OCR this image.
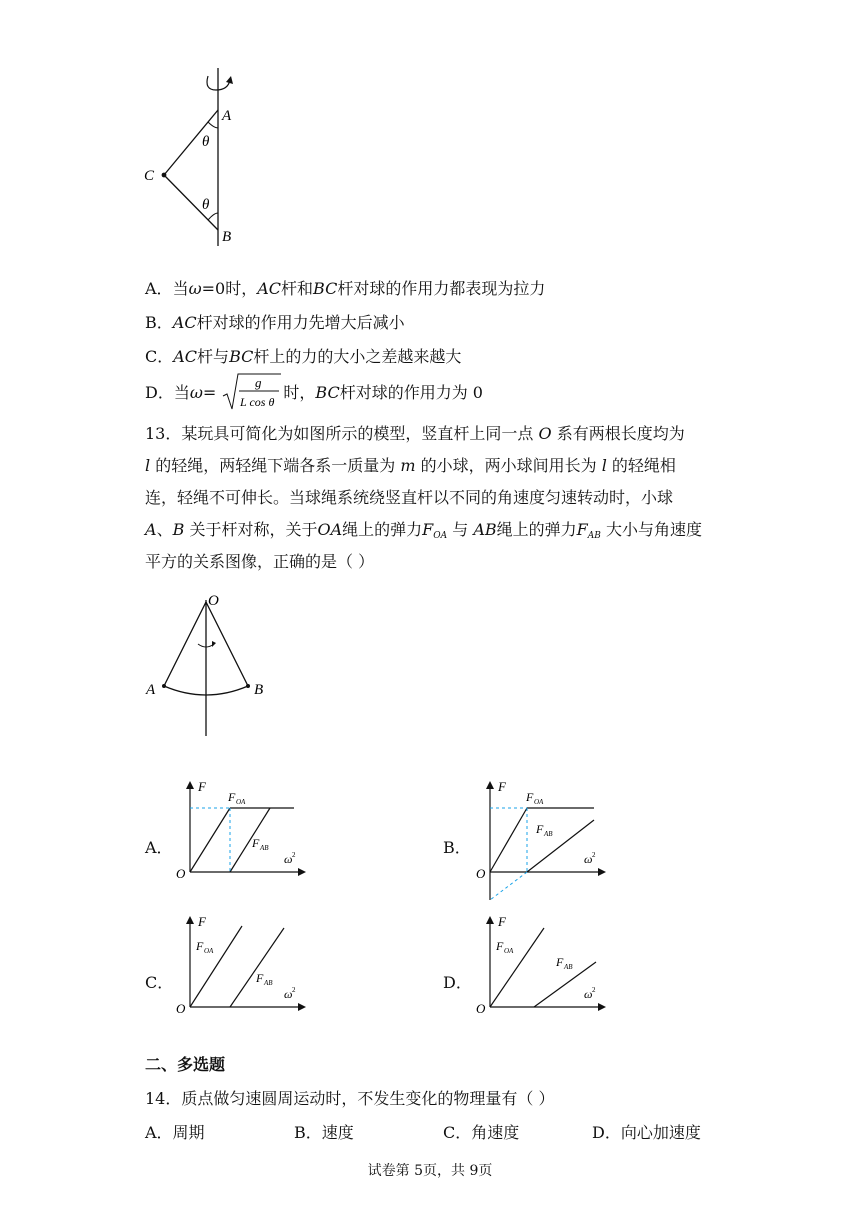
A
C
B
θ
θ
A．当ω=0时，AC杆和BC杆对球的作用力都表现为拉力
B．AC杆对球的作用力先增大后减小
C．AC杆与BC杆上的力的大小之差越来越大
D．当ω=
g
L cos θ 时，BC杆对球的作用力为 0
13．某玩具可简化为如图所示的模型，竖直杆上同一点 O 系有两根长度均为
l 的轻绳，两轻绳下端各系一质量为 m 的小球，两小球间用长为 l 的轻绳相
连，轻绳不可伸长。当球绳系统绕竖直杆以不同的角速度匀速转动时，小球
A、B 关于杆对称，关于OA绳上的弹力$F_{OA}$ 与 AB绳上的弹力$F_{AB}$ 大小与角速度
平方的关系图像，正确的是（ ）
O
A	B
A．
F
O
F OA
F AB
ω 2	B．
F
O
F OA
F AB
ω 2
C．
F
O
F OA
F AB
ω 2	D．
F
O
F OA
F AB
ω 2
二、多选题
14．质点做匀速圆周运动时，不发生变化的物理量有（ ）
A．周期	B．速度	C．角速度	D．向心加速度
试卷第 5页，共 9页
